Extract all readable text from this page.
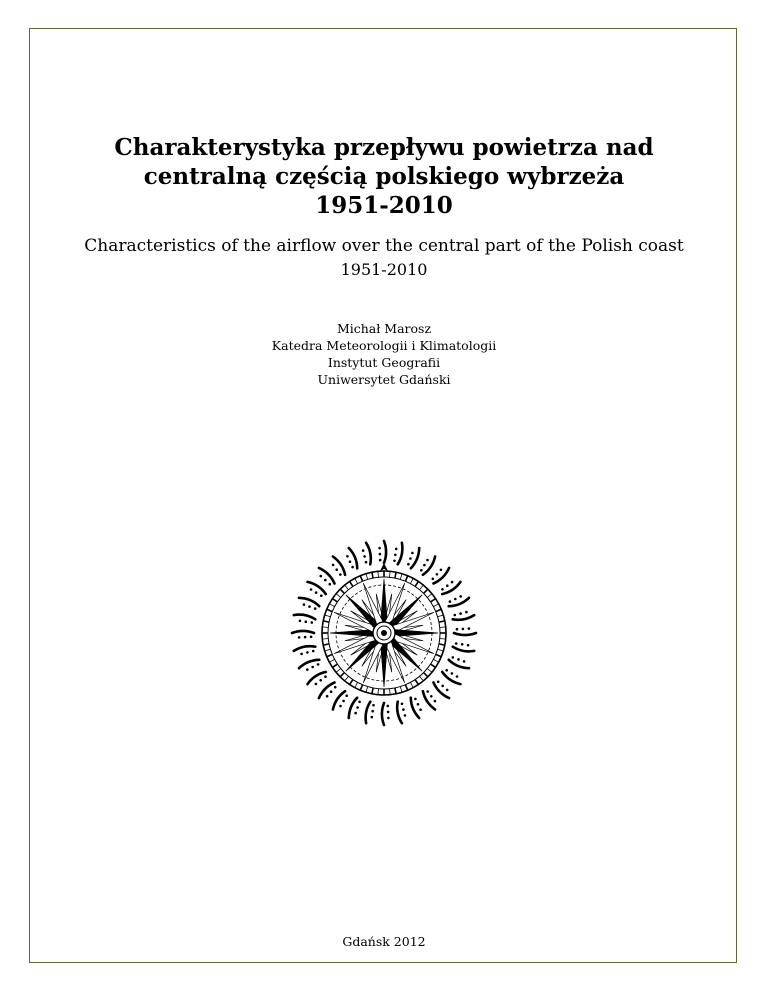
Charakterystyka przepływu powietrza nad
centralną częścią polskiego wybrzeża
1951-2010
Characteristics of the airflow over the central part of the Polish coast
1951-2010
Michał Marosz
Katedra Meteorologii i Klimatologii
Instytut Geografii
Uniwersytet Gdański
Gdańsk 2012
